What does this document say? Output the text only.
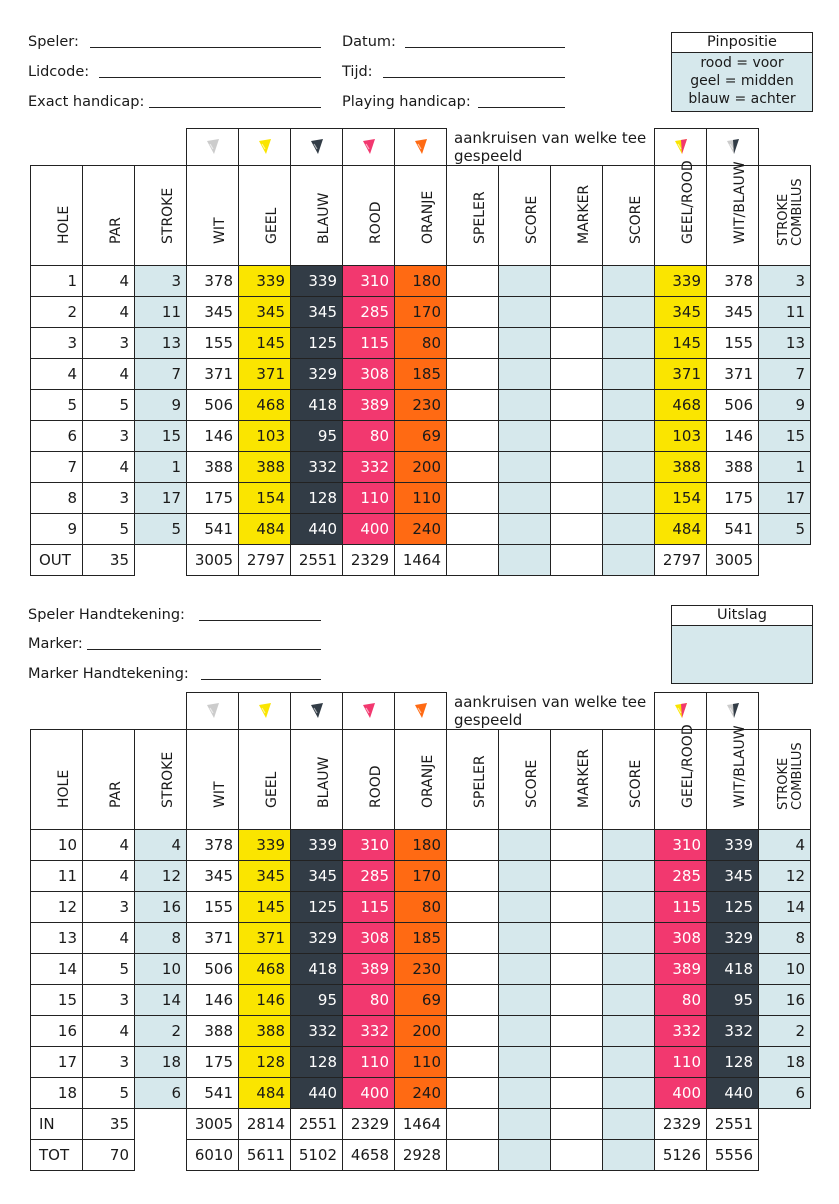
Speler:
Lidcode:
Exact handicap:
Datum:
Tijd:
Playing handicap:
Pinpositie
rood = voor
geel = midden
blauw = achter
						aankruisen van welke tee gespeeld		

HOLE	PAR	STROKE	WIT	GEEL	BLAUW	ROOD	ORANJE	SPELER	SCORE	MARKER	SCORE	GEEL/ROOD	WIT/BLAUW	STROKE COMBILUS

1	4	3	378	339	339	310	180					339	378	3
2	4	11	345	345	345	285	170					345	345	11
3	3	13	155	145	125	115	80					145	155	13
4	4	7	371	371	329	308	185					371	371	7
5	5	9	506	468	418	389	230					468	506	9
6	3	15	146	103	95	80	69					103	146	15
7	4	1	388	388	332	332	200					388	388	1
8	3	17	175	154	128	110	110					154	175	17
9	5	5	541	484	440	400	240					484	541	5
OUT	35		3005	2797	2551	2329	1464					2797	3005	
Speler Handtekening:
Marker:
Marker Handtekening:
Uitslag
						aankruisen van welke tee gespeeld		

HOLE	PAR	STROKE	WIT	GEEL	BLAUW	ROOD	ORANJE	SPELER	SCORE	MARKER	SCORE	GEEL/ROOD	WIT/BLAUW	STROKE COMBILUS

10	4	4	378	339	339	310	180					310	339	4
11	4	12	345	345	345	285	170					285	345	12
12	3	16	155	145	125	115	80					115	125	14
13	4	8	371	371	329	308	185					308	329	8
14	5	10	506	468	418	389	230					389	418	10
15	3	14	146	146	95	80	69					80	95	16
16	4	2	388	388	332	332	200					332	332	2
17	3	18	175	128	128	110	110					110	128	18
18	5	6	541	484	440	400	240					400	440	6
IN	35		3005	2814	2551	2329	1464					2329	2551	
TOT	70		6010	5611	5102	4658	2928					5126	5556	
